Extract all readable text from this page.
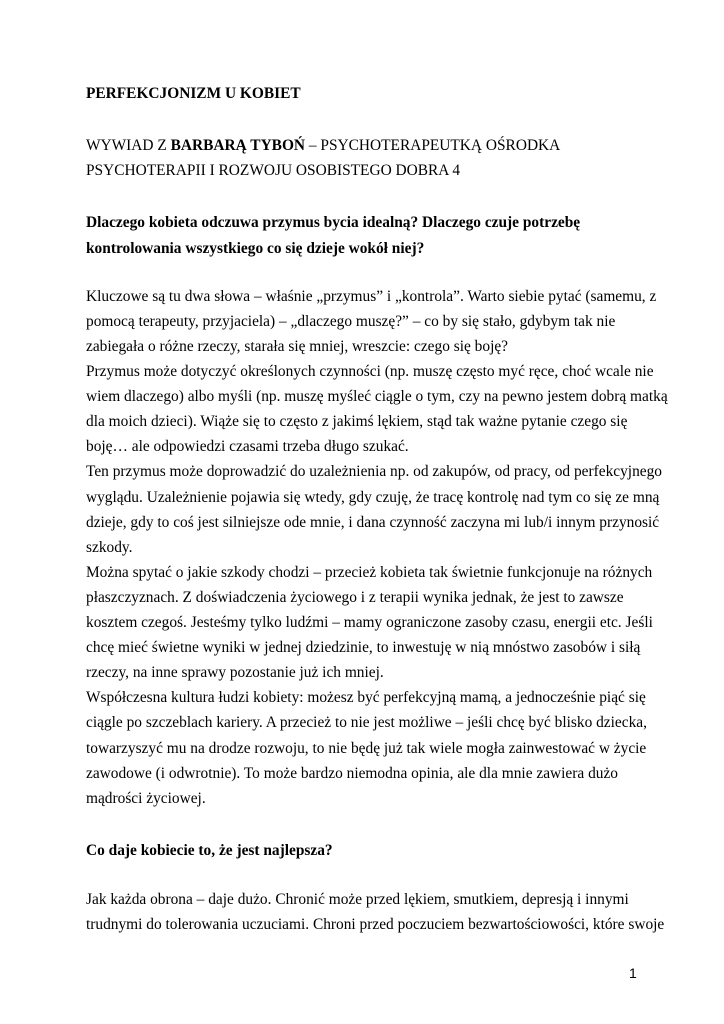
PERFEKCJONIZM U KOBIET
WYWIAD Z BARBARĄ TYBOŃ – PSYCHOTERAPEUTKĄ OŚRODKA
PSYCHOTERAPII I ROZWOJU OSOBISTEGO DOBRA 4
Dlaczego kobieta odczuwa przymus bycia idealną? Dlaczego czuje potrzebę
kontrolowania wszystkiego co się dzieje wokół niej?
Kluczowe są tu dwa słowa – właśnie „przymus” i „kontrola”. Warto siebie pytać (samemu, z
pomocą terapeuty, przyjaciela) – „dlaczego muszę?” – co by się stało, gdybym tak nie
zabiegała o różne rzeczy, starała się mniej, wreszcie: czego się boję?
Przymus może dotyczyć określonych czynności (np. muszę często myć ręce, choć wcale nie
wiem dlaczego) albo myśli (np. muszę myśleć ciągle o tym, czy na pewno jestem dobrą matką
dla moich dzieci). Wiąże się to często z jakimś lękiem, stąd tak ważne pytanie czego się
boję… ale odpowiedzi czasami trzeba długo szukać.
Ten przymus może doprowadzić do uzależnienia np. od zakupów, od pracy, od perfekcyjnego
wyglądu. Uzależnienie pojawia się wtedy, gdy czuję, że tracę kontrolę nad tym co się ze mną
dzieje, gdy to coś jest silniejsze ode mnie, i dana czynność zaczyna mi lub/i innym przynosić
szkody.
Można spytać o jakie szkody chodzi – przecież kobieta tak świetnie funkcjonuje na różnych
płaszczyznach. Z doświadczenia życiowego i z terapii wynika jednak, że jest to zawsze
kosztem czegoś. Jesteśmy tylko ludźmi – mamy ograniczone zasoby czasu, energii etc. Jeśli
chcę mieć świetne wyniki w jednej dziedzinie, to inwestuję w nią mnóstwo zasobów i siłą
rzeczy, na inne sprawy pozostanie już ich mniej.
Współczesna kultura łudzi kobiety: możesz być perfekcyjną mamą, a jednocześnie piąć się
ciągle po szczeblach kariery. A przecież to nie jest możliwe – jeśli chcę być blisko dziecka,
towarzyszyć mu na drodze rozwoju, to nie będę już tak wiele mogła zainwestować w życie
zawodowe (i odwrotnie). To może bardzo niemodna opinia, ale dla mnie zawiera dużo
mądrości życiowej.
Co daje kobiecie to, że jest najlepsza?
Jak każda obrona – daje dużo. Chronić może przed lękiem, smutkiem, depresją i innymi
trudnymi do tolerowania uczuciami. Chroni przed poczuciem bezwartościowości, które swoje
1
